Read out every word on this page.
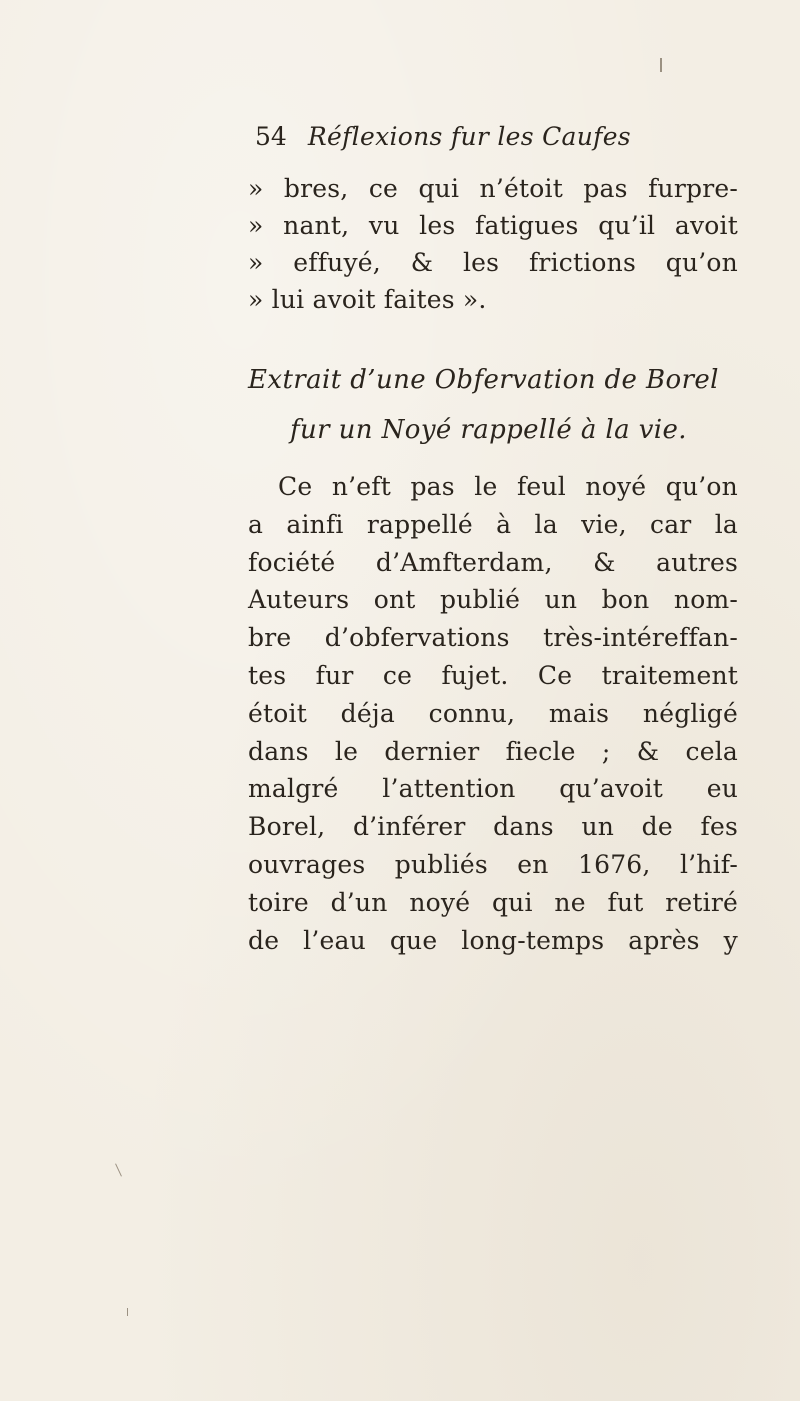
54 Réflexions fur les Caufes
» bres, ce qui n’étoit pas furpre-
» nant, vu les fatigues qu’il avoit
» effuyé, & les frictions qu’on
» lui avoit faites ».
Extrait d’une Obfervation de Borel
fur un Noyé rappellé à la vie.
Ce n’eft pas le feul noyé qu’on
a ainfi rappellé à la vie, car la
fociété d’Amfterdam, & autres
Auteurs ont publié un bon nom-
bre d’obfervations très-intéreffan-
tes fur ce fujet. Ce traitement
étoit déja connu, mais négligé
dans le dernier fiecle ; & cela
malgré l’attention qu’avoit eu
Borel, d’inférer dans un de fes
ouvrages publiés en 1676, l’hif-
toire d’un noyé qui ne fut retiré
de l’eau que long-temps après y
